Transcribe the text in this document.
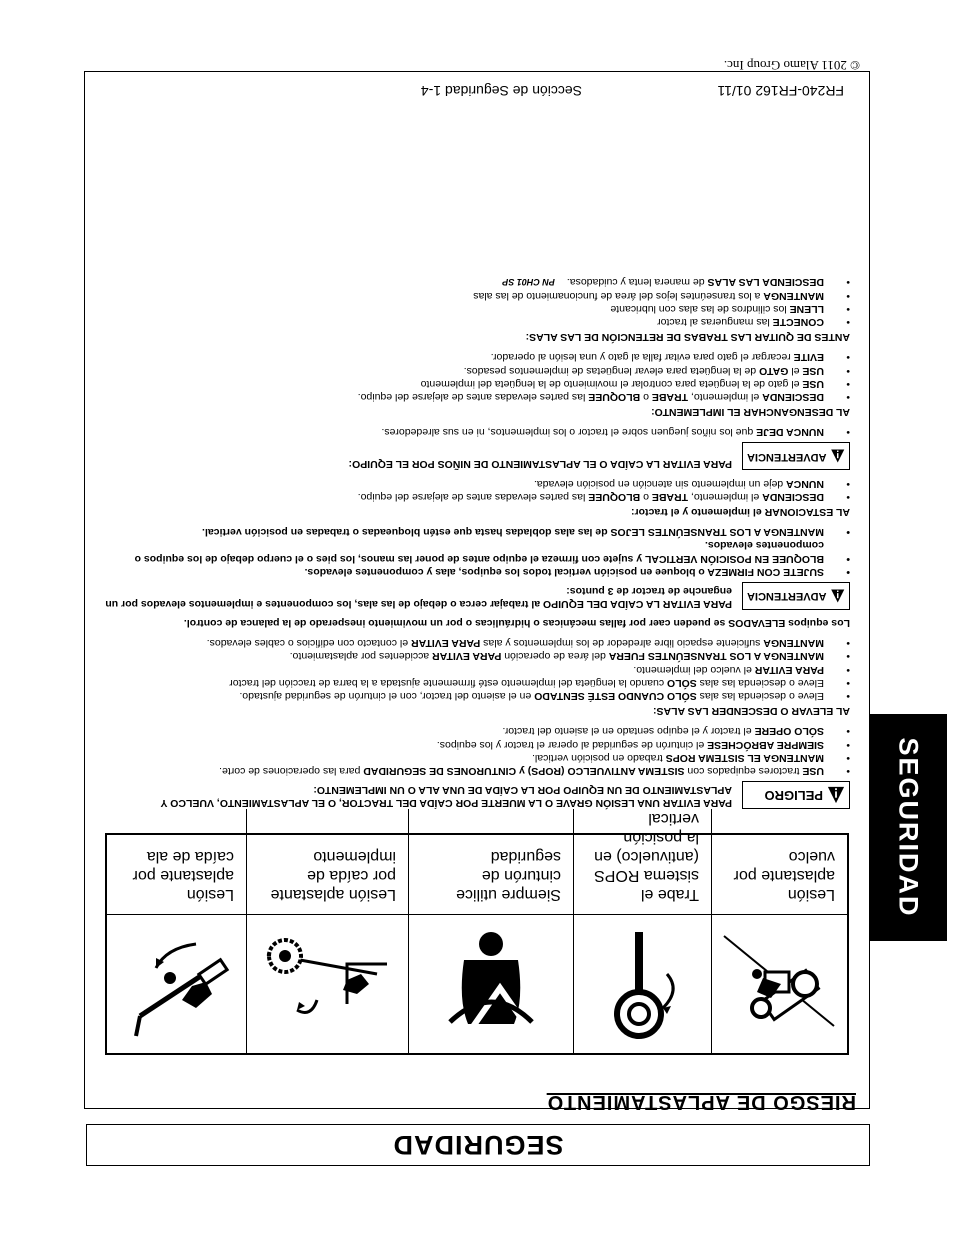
© 2011 Alamo Group Inc.
SEGURIDAD
SEGURIDAD
FR240-FR162 01/11
Sección de Seguridad 1-4
RIESGO DE APLASTAMIENTO
Lesión aplastante por vuelco
Trabe el sistema ROPS (antivuelco) en la posición vertical
Siempre utilice cinturón de seguridad
Lesión aplastante por caída de implemento
Lesión aplastante por caída de ala
PELIGRO
PARA EVITAR UNA LESIÓN GRAVE O LA MUERTE POR CAÍDA DEL TRACTOR, O EL APLASTAMIENTO, VUELCO Y APLASTAMIENTO DE UN EQUIPO POR LA CAÍDA DE UNA ALA O UN IMPLEMENTO:

• USE tractores equipados con SISTEMA ANTIVUELCO (ROPS) y CINTURONES DE SEGURIDAD para las operaciones de corte.

• MANTENGA EL SISTEMA ROPS trabado en posición vertical.

• SIEMPRE ABRÓCHESE el cinturón de seguridad al operar el tractor y los equipos.

• SÓLO OPERE el tractor y el equipo sentado en el asiento del tractor.

AL ELEVAR O DESCENDER LAS ALAS:

• Eleve o descienda las alas SÓLO CUANDO ESTÉ SENTADO en el asiento del tractor, con el cinturón de seguridad ajustado.

• Eleve o descienda las alas SÓLO cuando la lengüeta del implemento esté firmemente ajustada a la barra de tracción del tractor

• PARA EVITAR el vuelco del implemento.

• MANTENGA A LOS TRANSEÚNTES FUERA del área de operación PARA EVITAR accidentes por aplastamiento.

• MANTENGA suficiente espacio libre alrededor de los implementos y alas PARA EVITAR el contacto con edificios o cables elevados.

Los equipos ELEVADOS se pueden caer por fallas mecánicas o hidráulicas o por un movimiento inesperado de la palanca de control.

ADVERTENCIA
PARA EVITAR LA CAÍDA DEL EQUIPO al trabajar cerca o debajo de las alas, los componentes e implementos elevados por un enganche de tractor de 3 puntos:

• SUJETE CON FIRMEZA o bloquee en posición vertical todos los equipos, alas y componentes elevados.

• BLOQUEE EN POSICIÓN VERTICAL y sujete con firmeza el equipo antes de poner las manos, los pies o el cuerpo debajo de los equipos o componentes elevados.

• MANTENGA A LOS TRANSEÚNTES LEJOS de las alas dobladas hasta que estén bloqueadas o trabadas en posición vertical.

AL ESTACIONAR el implemento y el tractor:

• DESCIENDA el implemento, TRABE o BLOQUEE las partes elevadas antes de alejarse del equipo.

• NUNCA deje un implemento sin atención en posición elevada.

ADVERTENCIA
PARA EVITAR LA CAÍDA O EL APLASTAMIENTO DE NIÑOS POR EL EQUIPO:

• NUNCA DEJE que los niños jueguen sobre el tractor o los implementos, ni en sus alrededores.

AL DESENGANCHAR EL IMPLEMENTO:

• DESCIENDA el implemento, TRABE o BLOQUEE las partes elevadas antes de alejarse del equipo.

• USE el gato de la lengüeta para controlar el movimiento de la lengüeta del implemento

• USE el GATO de la lengüeta para elevar lengüetas de implementos pesados.

• EVITE recargar el gato para evitar falla al gato y una lesión al operador.

ANTES DE QUITAR LAS TRABAS DE RETENCIÓN DE LAS ALAS:

• CONECTE las mangueras al tractor

• LLENE los cilindros de las alas con lubricante

• MANTENGA a los transeúntes lejos del área de funcionamiento de las alas

• DESCIENDA LAS ALAS de manera lenta y cuidadosa.PN CH01 SP
